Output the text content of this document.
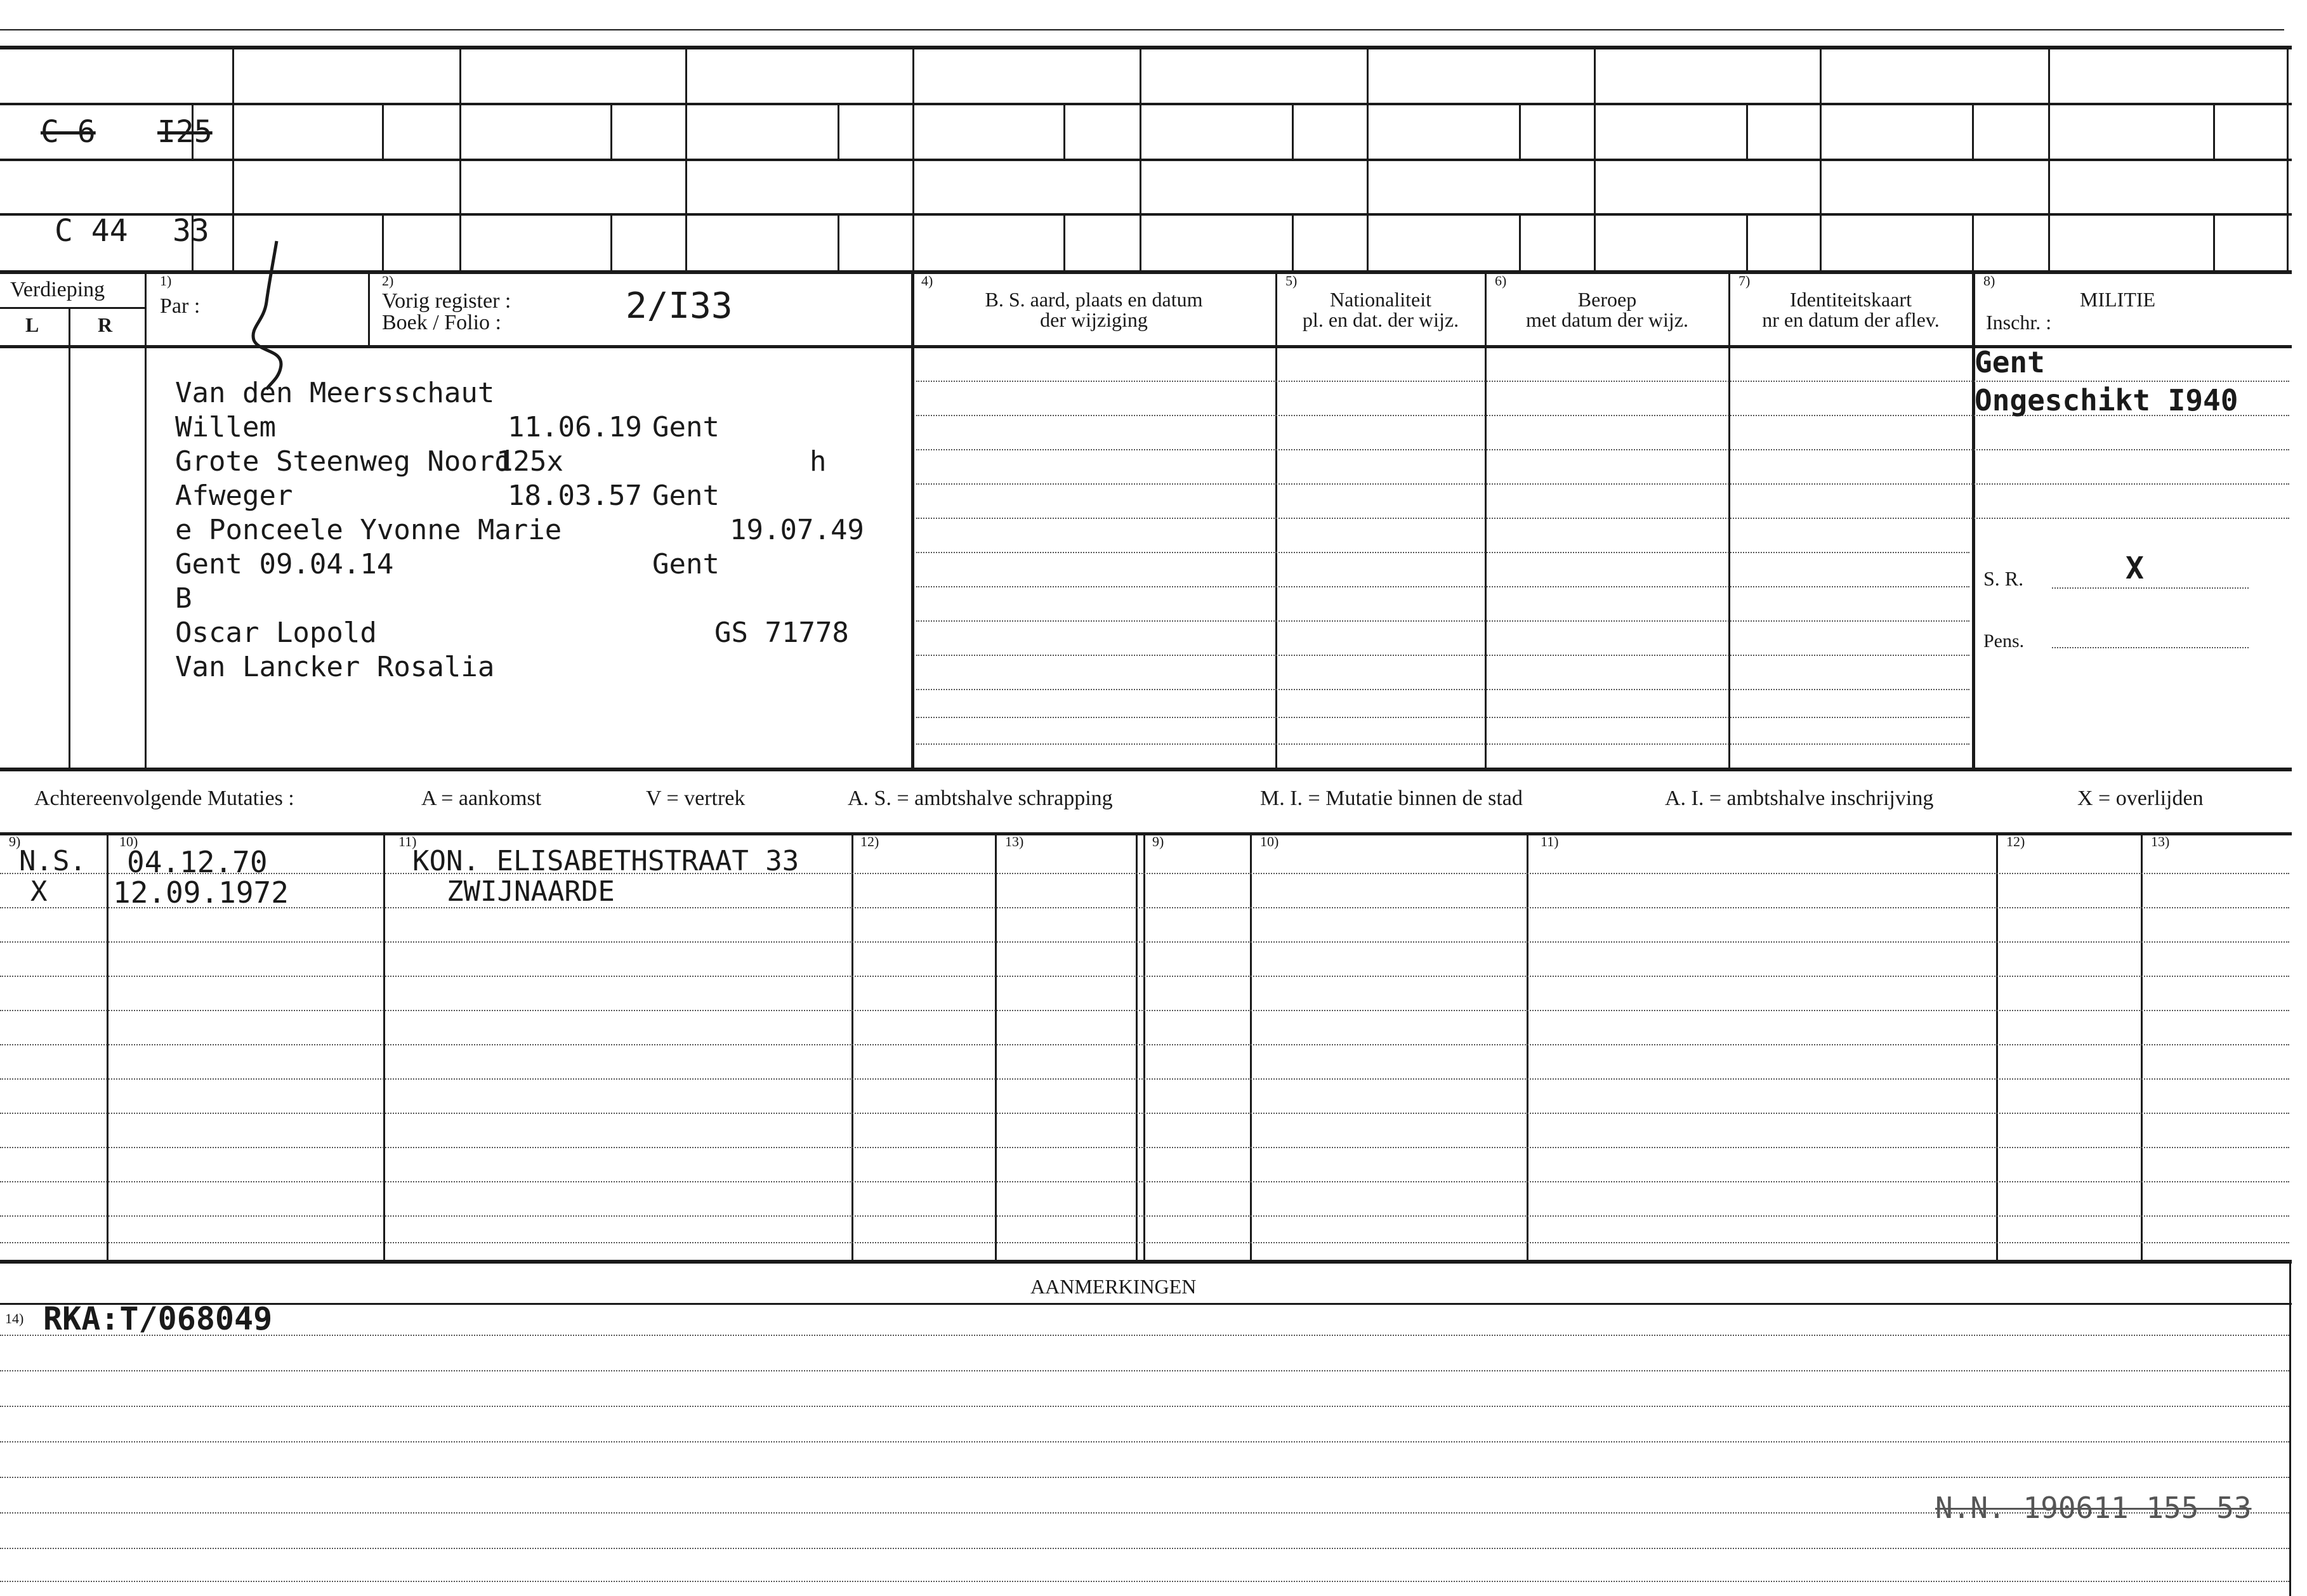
C 6 I25
C 44 33
Verdieping
L	R
1)
Par :
2)
Vorig register :
Boek / Folio :	2/I33
4)
B. S. aard, plaats en datum
der wijziging
5)
Nationaliteit
pl. en dat. der wijz.
6)
Beroep
met datum der wijz.
7)
Identiteitskaart
nr en datum der aflev.
8)
MILITIE
Inschr. :
Van den Meersschaut
Willem	11.06.19 Gent
Grote Steenweg Noord
125x	h
Afweger	18.03.57 Gent
e Ponceele Yvonne Marie	19.07.49
Gent 09.04.14	Gent
B
Oscar Lopold	GS 71778
Van Lancker Rosalia
Gent
Ongeschikt I940
S. R.	X
Pens.
Achtereenvolgende Mutaties :	A = aankomst	V = vertrek	A. S. = ambtshalve schrapping	M. I. = Mutatie binnen de stad	A. I. = ambtshalve inschrijving	X = overlijden
9)	10)	11)	12)	13)	9)	10)	11)	12)	13)
N.S. 04.12.70	KON. ELISABETHSTRAAT 33
X 12.09.1972	ZWIJNAARDE
AANMERKINGEN
14) RKA:T/068049
N.N. 190611 155 53
